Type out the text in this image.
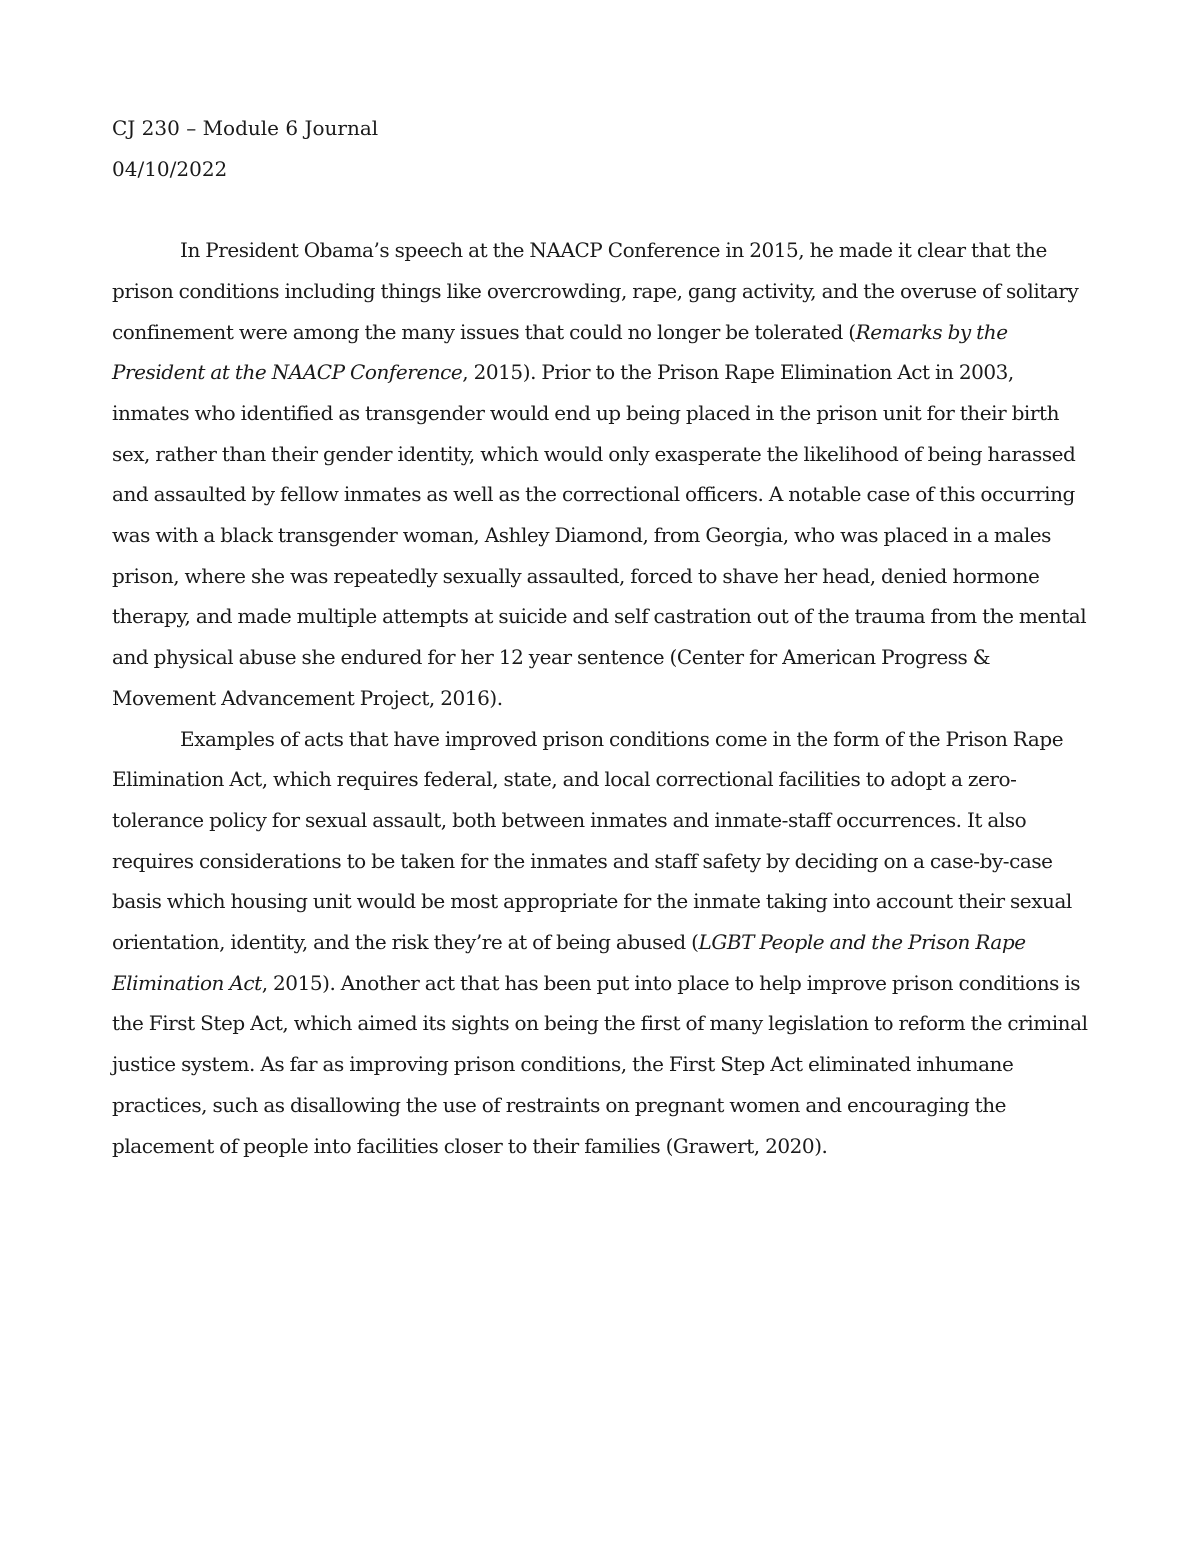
CJ 230 – Module 6 Journal

04/10/2022

In President Obama’s speech at the NAACP Conference in 2015, he made it clear that the prison conditions including things like overcrowding, rape, gang activity, and the overuse of solitary confinement were among the many issues that could no longer be tolerated (Remarks by the President at the NAACP Conference, 2015). Prior to the Prison Rape Elimination Act in 2003, inmates who identified as transgender would end up being placed in the prison unit for their birth sex, rather than their gender identity, which would only exasperate the likelihood of being harassed and assaulted by fellow inmates as well as the correctional officers. A notable case of this occurring was with a black transgender woman, Ashley Diamond, from Georgia, who was placed in a males prison, where she was repeatedly sexually assaulted, forced to shave her head, denied hormone therapy, and made multiple attempts at suicide and self castration out of the trauma from the mental and physical abuse she endured for her 12 year sentence (Center for American Progress & Movement Advancement Project, 2016).

Examples of acts that have improved prison conditions come in the form of the Prison Rape Elimination Act, which requires federal, state, and local correctional facilities to adopt a zero-tolerance policy for sexual assault, both between inmates and inmate-staff occurrences. It also requires considerations to be taken for the inmates and staff safety by deciding on a case-by-case basis which housing unit would be most appropriate for the inmate taking into account their sexual orientation, identity, and the risk they’re at of being abused (LGBT People and the Prison Rape Elimination Act, 2015). Another act that has been put into place to help improve prison conditions is the First Step Act, which aimed its sights on being the first of many legislation to reform the criminal justice system. As far as improving prison conditions, the First Step Act eliminated inhumane practices, such as disallowing the use of restraints on pregnant women and encouraging the placement of people into facilities closer to their families (Grawert, 2020).
